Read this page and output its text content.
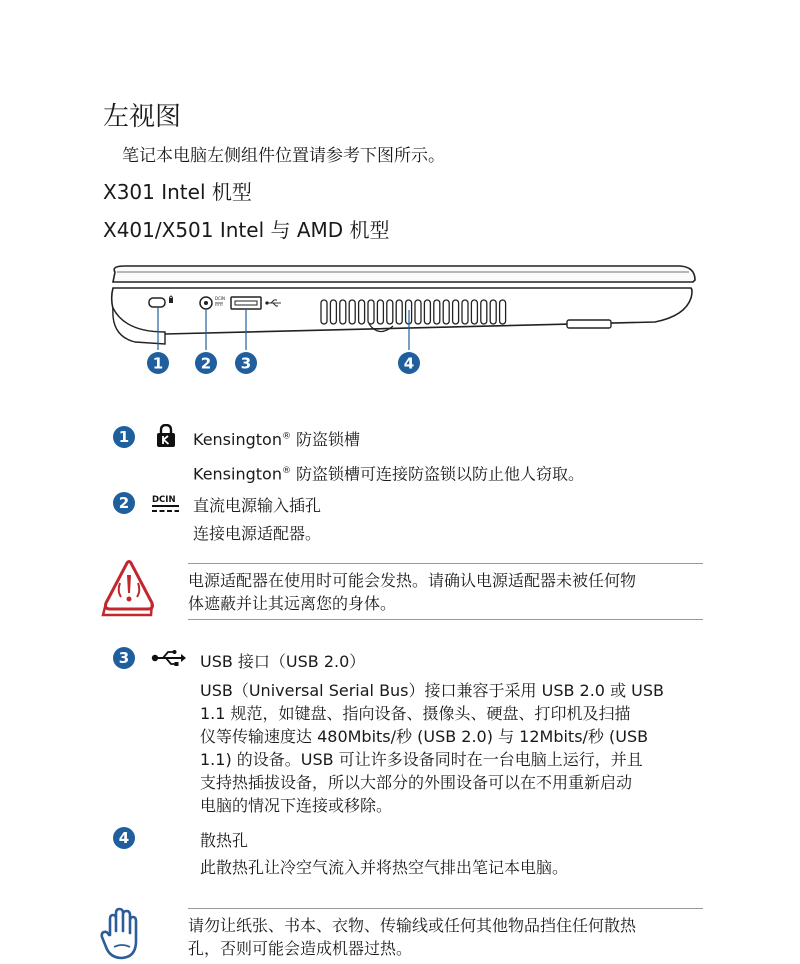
左视图
笔记本电脑左侧组件位置请参考下图所示。
X301 Intel 机型
X401/X501 Intel 与 AMD 机型
DCIN
1	2 3	4
1	Kensington® 防盗锁槽
Kensington® 防盗锁槽可连接防盗锁以防止他人窃取。
2	DCIN 直流电源输入插孔
连接电源适配器。
电源适配器在使用时可能会发热。请确认电源适配器未被任何物
体遮蔽并让其远离您的身体。
3	USB 接口（USB 2.0）
USB（Universal Serial Bus）接口兼容于采用 USB 2.0 或 USB
1.1 规范，如键盘、指向设备、摄像头、硬盘、打印机及扫描
仪等传输速度达 480Mbits/秒 (USB 2.0) 与 12Mbits/秒 (USB
1.1) 的设备。USB 可让许多设备同时在一台电脑上运行，并且
支持热插拔设备，所以大部分的外围设备可以在不用重新启动
电脑的情况下连接或移除。
4	散热孔
此散热孔让冷空气流入并将热空气排出笔记本电脑。
请勿让纸张、书本、衣物、传输线或任何其他物品挡住任何散热
孔，否则可能会造成机器过热。
